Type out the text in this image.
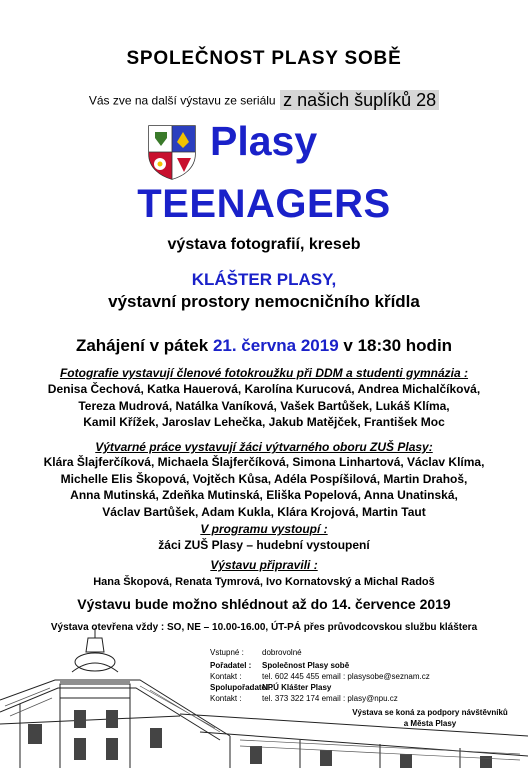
SPOLEČNOST PLASY SOBĚ
Vás zve na další výstavu ze seriálu z našich šuplíků 28
Plasy
TEENAGERS
výstava fotografií, kreseb
KLÁŠTER PLASY,
výstavní prostory nemocničního křídla
Zahájení v pátek 21. června 2019 v 18:30 hodin
Fotografie vystavují členové fotokroužku při DDM a studenti gymnázia :
Denisa Čechová, Katka Hauerová, Karolína Kurucová, Andrea Michalčíková,
Tereza Mudrová, Natálka Vaníková, Vašek Bartůšek, Lukáš Klíma,
Kamil Křížek, Jaroslav Lehečka, Jakub Matějček, František Moc
Výtvarné práce vystavují žáci výtvarného oboru ZUŠ Plasy:
Klára Šlajferčíková, Michaela Šlajferčíková, Simona Linhartová, Václav Klíma,
Michelle Elis Škopová, Vojtěch Kůsa, Adéla Pospíšilová, Martin Drahoš,
Anna Mutinská, Zdeňka Mutinská, Eliška Popelová, Anna Unatinská,
Václav Bartůšek, Adam Kukla, Klára Krojová, Martin Taut
V programu vystoupí :
žáci ZUŠ Plasy – hudební vystoupení
Výstavu připravili :
Hana Škopová, Renata Tymrová, Ivo Kornatovský a Michal Radoš
Výstavu bude možno shlédnout až do 14. července 2019
Výstava otevřena vždy : SO, NE – 10.00-16.00, ÚT-PÁ přes průvodcovskou službu kláštera
Vstupné : dobrovolné
Pořadatel : Společnost Plasy sobě
Kontakt :	tel. 602 445 455 email : plasysobe@seznam.cz
Spolupořadatel :
NPÚ Klášter Plasy
Kontakt :	tel. 373 322 174 email : plasy@npu.cz
Výstava se koná za podpory návštěvníků
a Města Plasy
